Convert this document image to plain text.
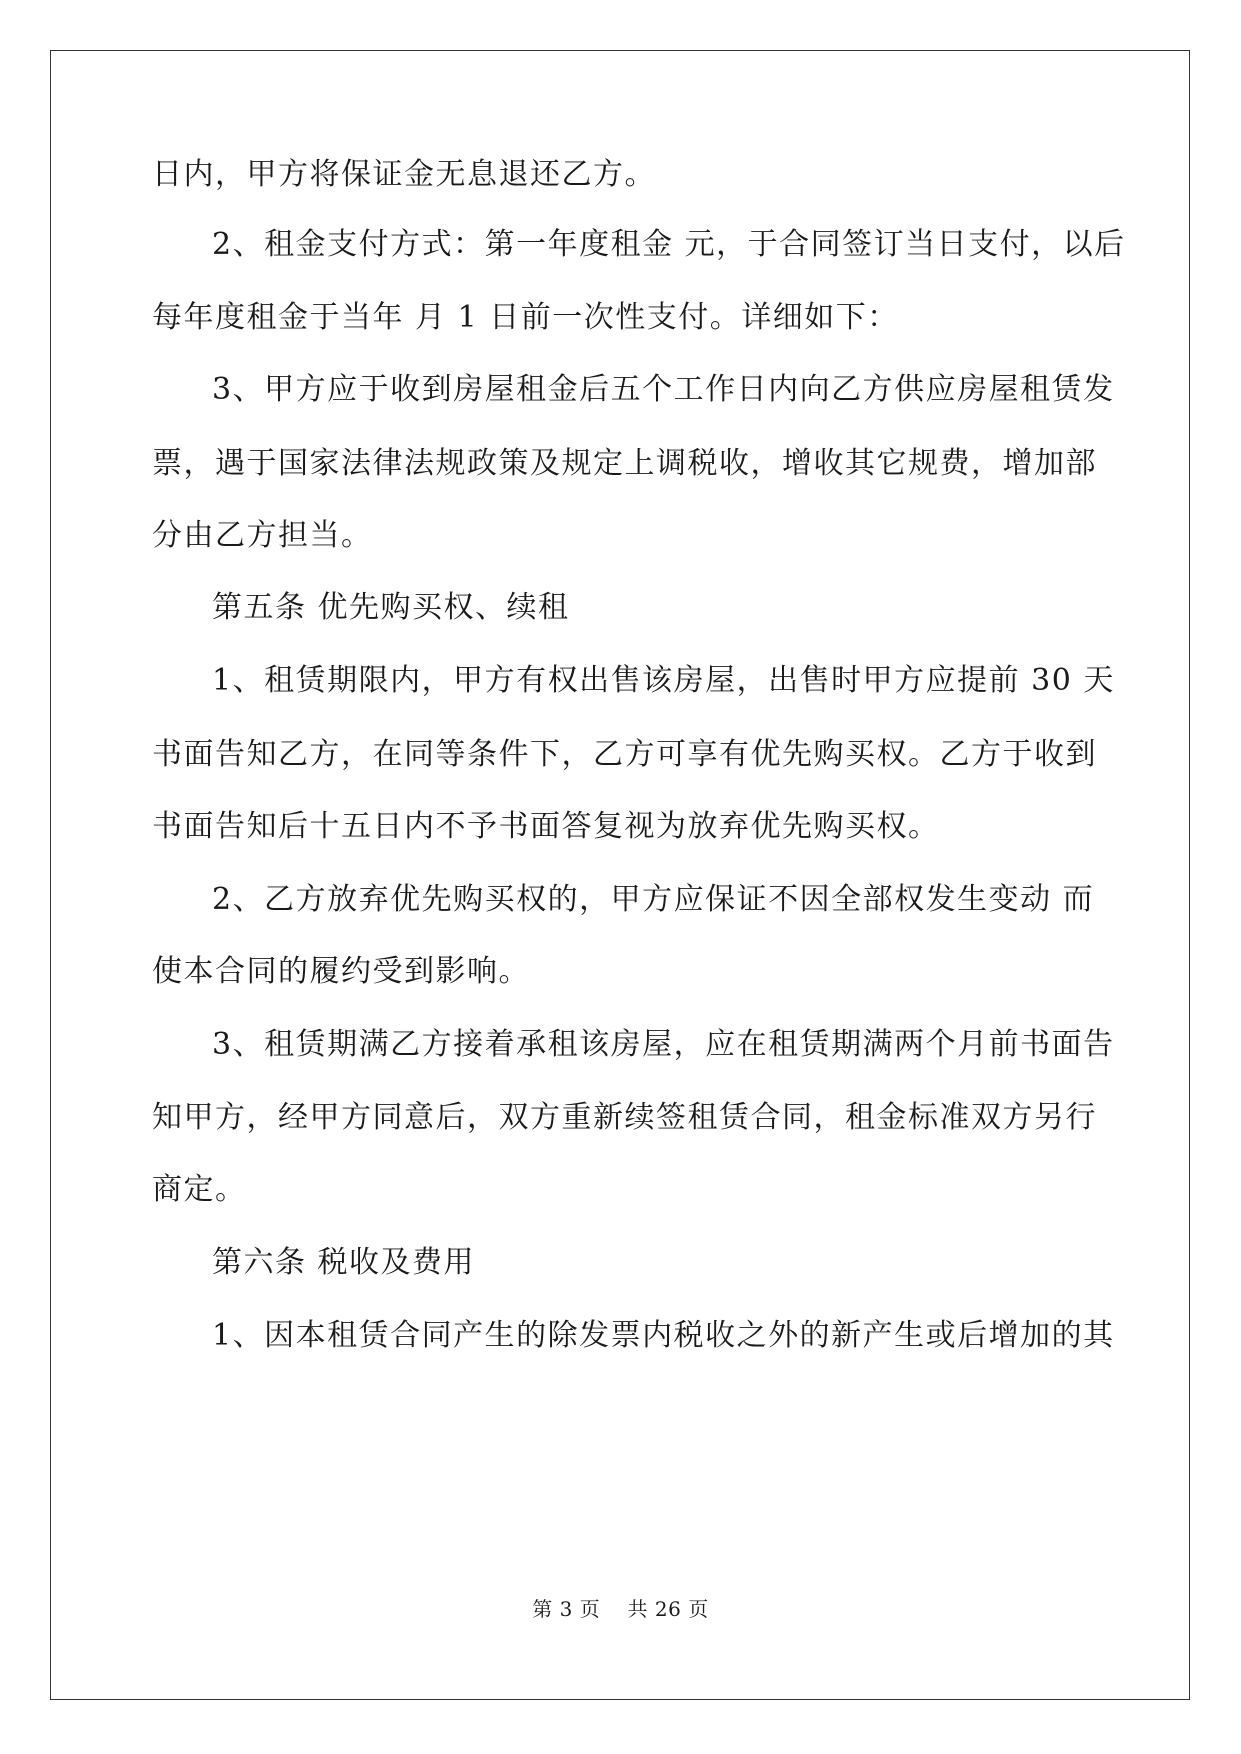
日内，甲方将保证金无息退还乙方。
2、租金支付方式：第一年度租金 元，于合同签订当日支付，以后
每年度租金于当年 月 1 日前一次性支付。详细如下：
3、甲方应于收到房屋租金后五个工作日内向乙方供应房屋租赁发
票，遇于国家法律法规政策及规定上调税收，增收其它规费，增加部
分由乙方担当。
第五条 优先购买权、续租
1、租赁期限内，甲方有权出售该房屋，出售时甲方应提前 30 天
书面告知乙方，在同等条件下，乙方可享有优先购买权。乙方于收到
书面告知后十五日内不予书面答复视为放弃优先购买权。
2、乙方放弃优先购买权的，甲方应保证不因全部权发生变动 而
使本合同的履约受到影响。
3、租赁期满乙方接着承租该房屋，应在租赁期满两个月前书面告
知甲方，经甲方同意后，双方重新续签租赁合同，租金标准双方另行
商定。
第六条 税收及费用
1、因本租赁合同产生的除发票内税收之外的新产生或后增加的其
第 3 页　 共 26 页
